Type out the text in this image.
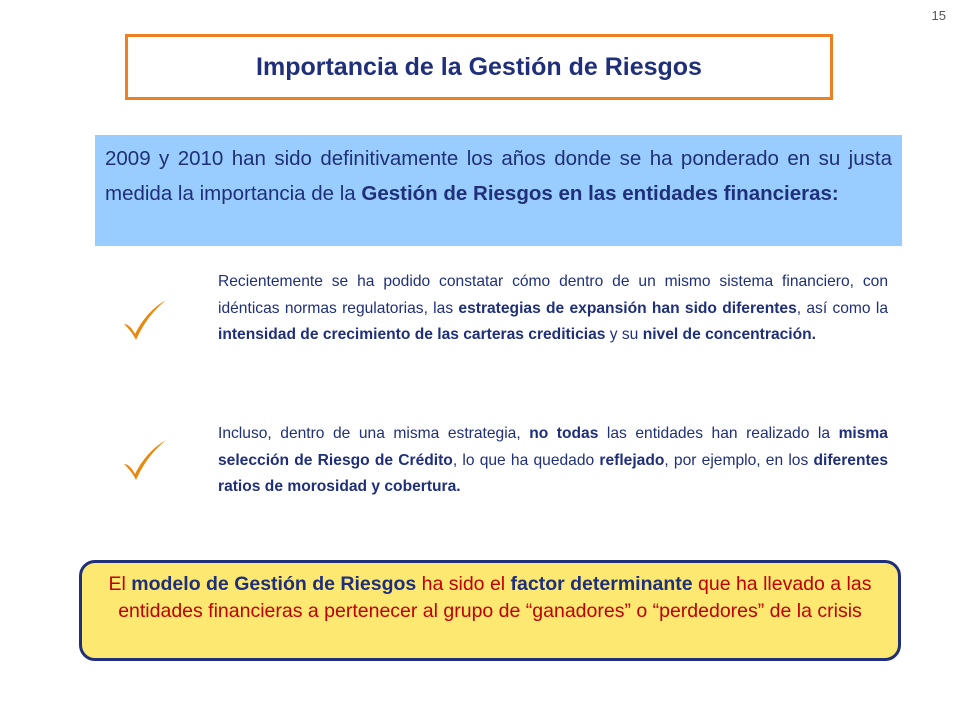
15
Importancia de la Gestión de Riesgos
2009 y 2010 han sido definitivamente los años donde se ha ponderado en su justa medida la importancia de la Gestión de Riesgos en las entidades financieras:
Recientemente se ha podido constatar cómo dentro de un mismo sistema financiero, con idénticas normas regulatorias, las estrategias de expansión han sido diferentes, así como la intensidad de crecimiento de las carteras crediticias y su nivel de concentración.
Incluso, dentro de una misma estrategia, no todas las entidades han realizado la misma selección de Riesgo de Crédito, lo que ha quedado reflejado, por ejemplo, en los diferentes ratios de morosidad y cobertura.
El modelo de Gestión de Riesgos ha sido el factor determinante que ha llevado a las entidades financieras a pertenecer al grupo de “ganadores” o “perdedores” de la crisis
